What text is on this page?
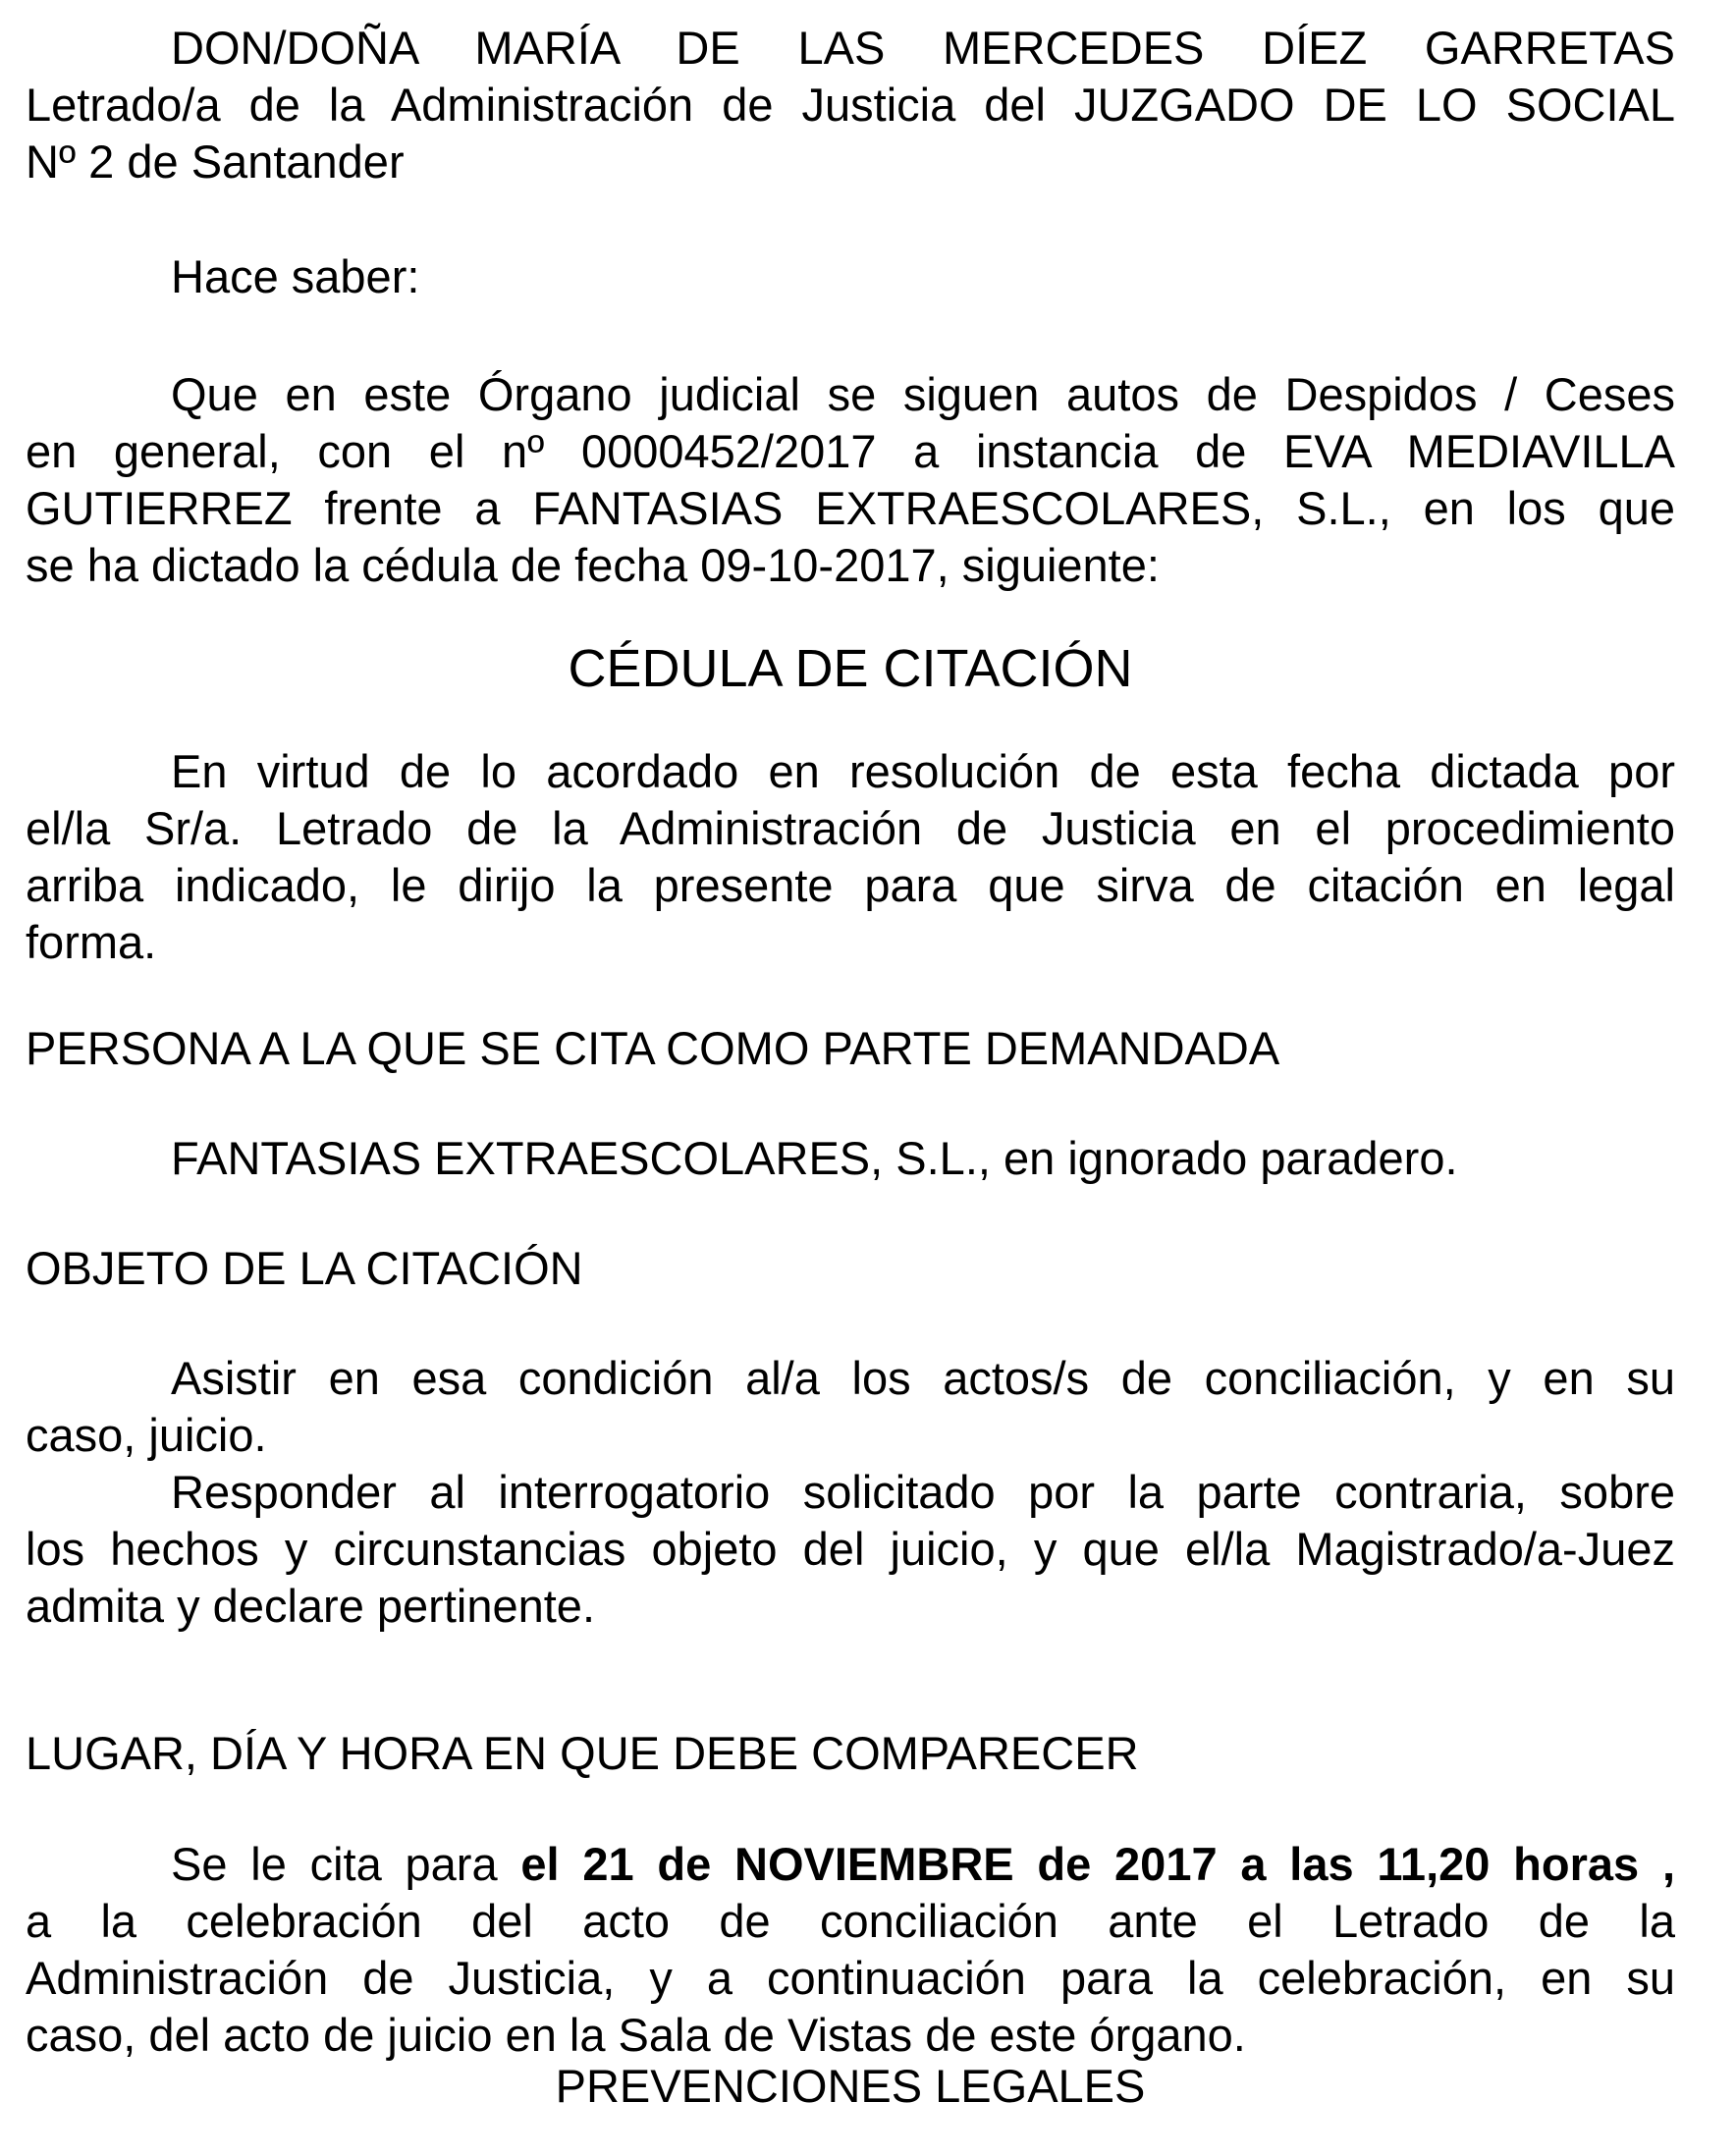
DON/DOÑA MARÍA DE LAS MERCEDES DÍEZ GARRETAS
Letrado/a de la Administración de Justicia del JUZGADO DE LO SOCIAL
Nº 2 de Santander
Hace saber:
Que en este Órgano judicial se siguen autos de Despidos / Ceses
en general, con el nº 0000452/2017 a instancia de EVA MEDIAVILLA
GUTIERREZ frente a FANTASIAS EXTRAESCOLARES, S.L., en los que
se ha dictado la cédula de fecha 09-10-2017, siguiente:
CÉDULA DE CITACIÓN
En virtud de lo acordado en resolución de esta fecha dictada por
el/la Sr/a. Letrado de la Administración de Justicia en el procedimiento
arriba indicado, le dirijo la presente para que sirva de citación en legal
forma.
PERSONA A LA QUE SE CITA COMO PARTE DEMANDADA
FANTASIAS EXTRAESCOLARES, S.L., en ignorado paradero.
OBJETO DE LA CITACIÓN
Asistir en esa condición al/a los actos/s de conciliación, y en su
caso, juicio.
Responder al interrogatorio solicitado por la parte contraria, sobre
los hechos y circunstancias objeto del juicio, y que el/la Magistrado/a-Juez
admita y declare pertinente.
LUGAR, DÍA Y HORA EN QUE DEBE COMPARECER
Se le cita para el 21 de NOVIEMBRE de 2017 a las 11,20 horas ,
a la celebración del acto de conciliación ante el Letrado de la
Administración de Justicia, y a continuación para la celebración, en su
caso, del acto de juicio en la Sala de Vistas de este órgano.
PREVENCIONES LEGALES
